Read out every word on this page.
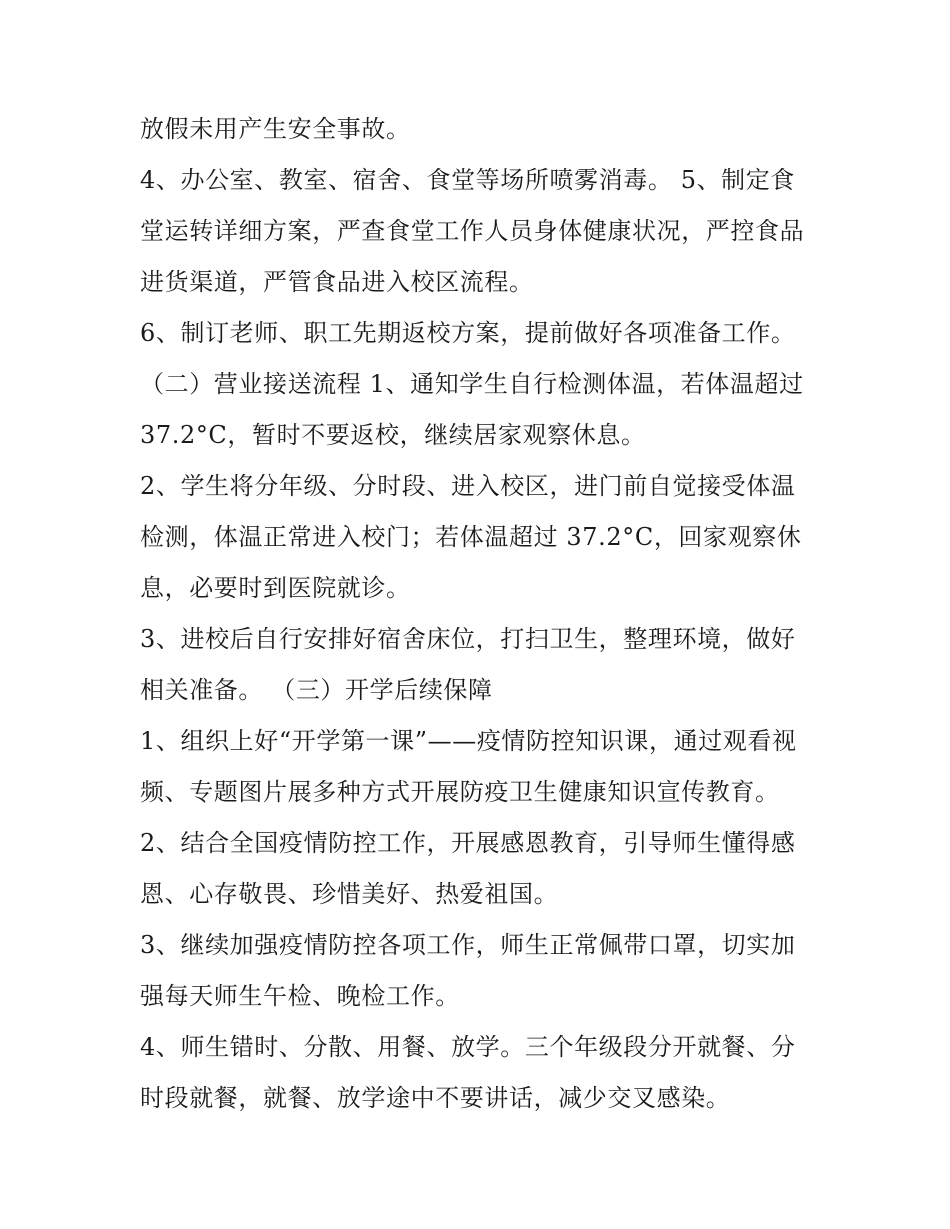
放假未用产生安全事故。
4、办公室、教室、宿舍、食堂等场所喷雾消毒。 5、制定食
堂运转详细方案，严查食堂工作人员身体健康状况，严控食品
进货渠道，严管食品进入校区流程。
6、制订老师、职工先期返校方案，提前做好各项准备工作。
（二）营业接送流程 1、通知学生自行检测体温，若体温超过
37.2°C，暂时不要返校，继续居家观察休息。
2、学生将分年级、分时段、进入校区，进门前自觉接受体温
检测，体温正常进入校门；若体温超过 37.2°C，回家观察休
息，必要时到医院就诊。
3、进校后自行安排好宿舍床位，打扫卫生，整理环境，做好
相关准备。 （三）开学后续保障
1、组织上好“开学第一课”——疫情防控知识课，通过观看视
频、专题图片展多种方式开展防疫卫生健康知识宣传教育。
2、结合全国疫情防控工作，开展感恩教育，引导师生懂得感
恩、心存敬畏、珍惜美好、热爱祖国。
3、继续加强疫情防控各项工作，师生正常佩带口罩，切实加
强每天师生午检、晚检工作。
4、师生错时、分散、用餐、放学。三个年级段分开就餐、分
时段就餐，就餐、放学途中不要讲话，减少交叉感染。
